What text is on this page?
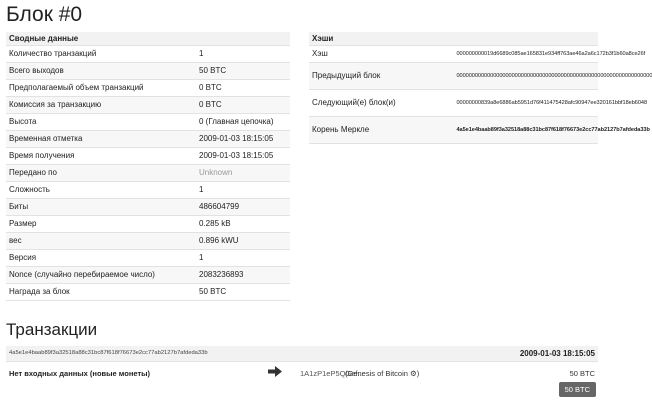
Блок #0
Сводные данные	
Количество транзакций	1
Всего выходов	50 BTC
Предполагаемый объем транзакций	0 BTC
Комиссия за транзакцию	0 BTC
Высота	0 (Главная цепочка)
Временная отметка	2009-01-03 18:15:05
Время получения	2009-01-03 18:15:05
Передано по	Unknown
Сложность	1
Биты	486604799
Размер	0.285 kB
вес	0.896 kWU
Версия	1
Nonce (случайно перебираемое число)	2083236893
Награда за блок	50 BTC
Хэши	
Хэш	000000000019d6689c085ae165831e934ff763ae46a2a6c172b3f1b60a8ce26f
Предыдущий блок	0000000000000000000000000000000000000000000000000000000000000000
Следующий(е) блок(и)	00000000839a8e6886ab5951d76f411475428afc90947ee320161bbf18eb6048
Корень Меркле	4a5e1e4baab89f3a32518a88c31bc87f618f76673e2cc77ab2127b7afdeda33b
Транзакции
4a5e1e4baab89f3a32518a88c31bc87f618f76673e2cc77ab2127b7afdeda33b	2009-01-03 18:15:05
Нет входных данных (новые монеты)	1A1zP1eP5QGef...
(Genesis of Bitcoin ⚙)	50 BTC
50 BTC
